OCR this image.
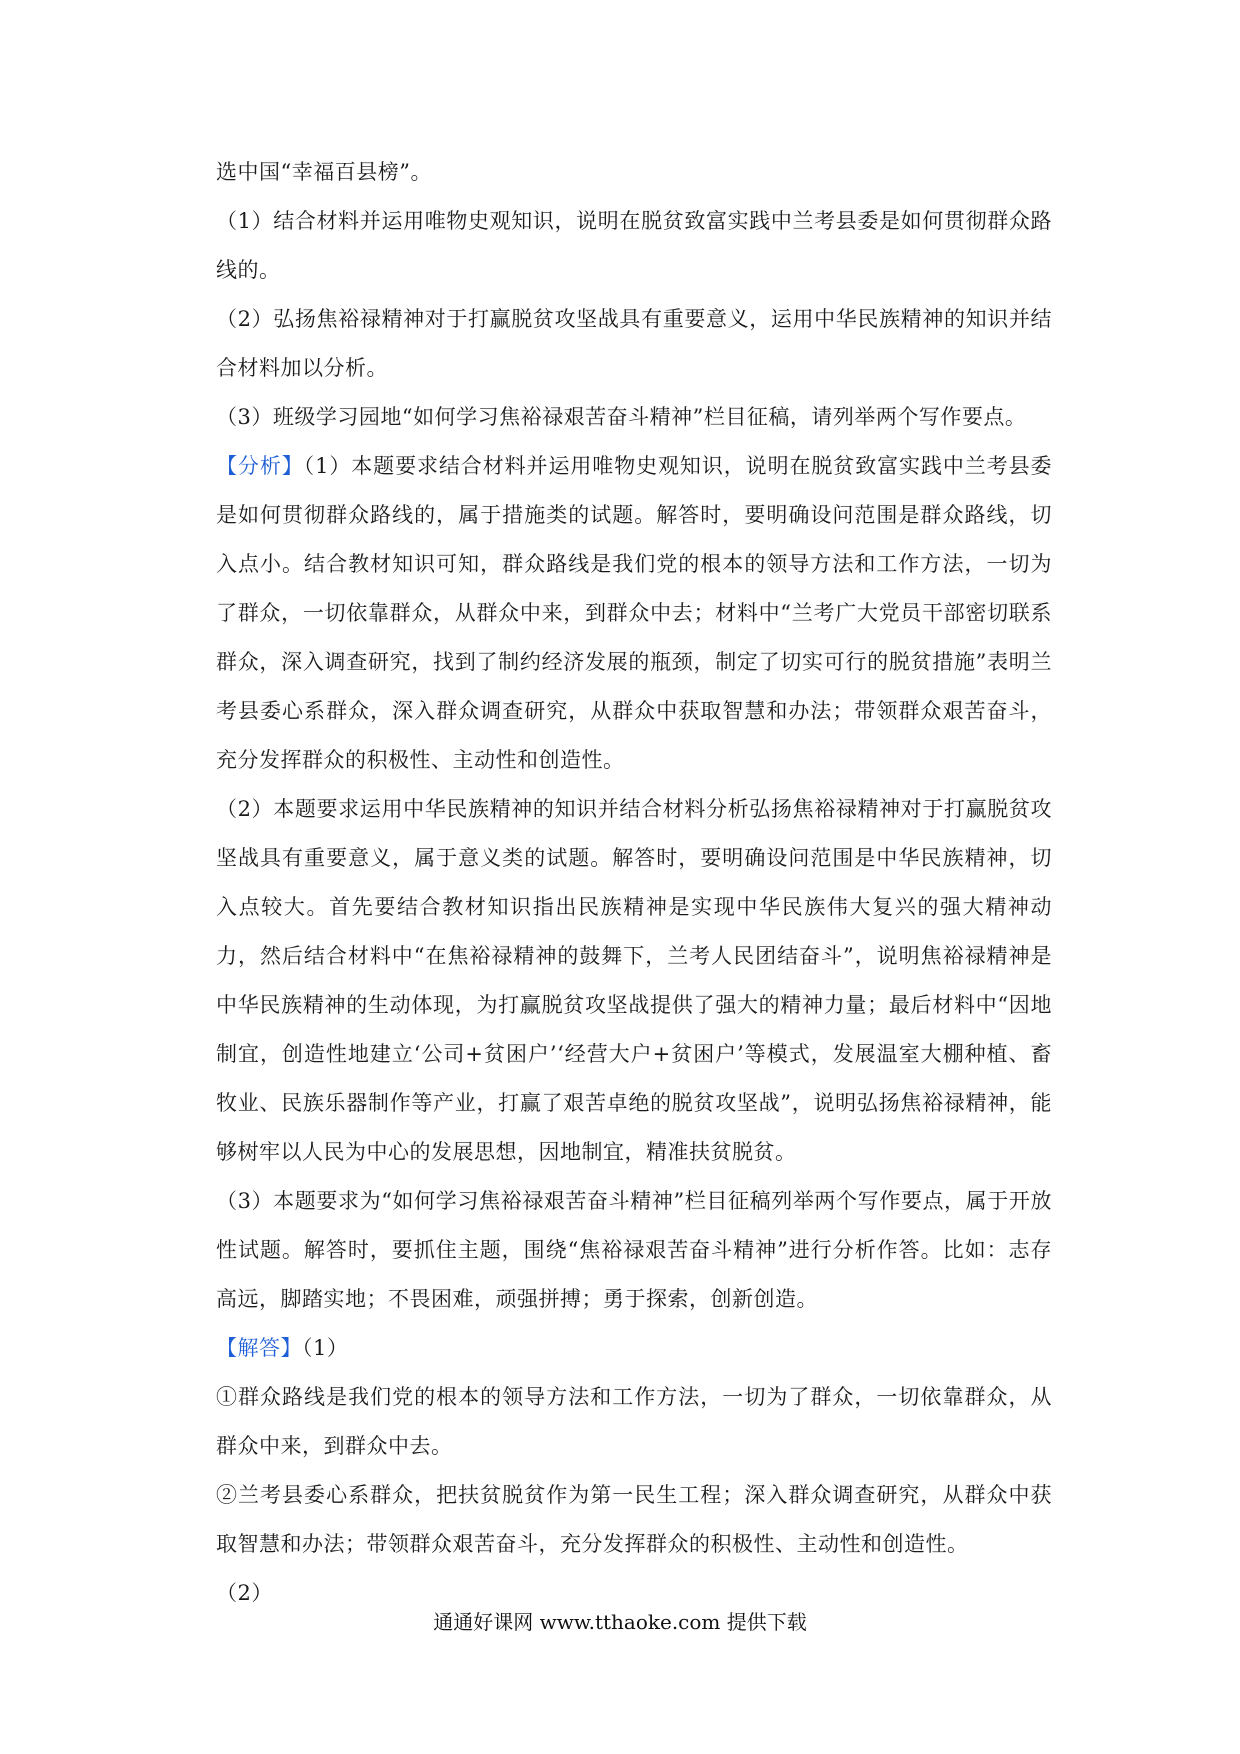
选中国“幸福百县榜”。

（1）结合材料并运用唯物史观知识，说明在脱贫致富实践中兰考县委是如何贯彻群众路线的。

（2）弘扬焦裕禄精神对于打赢脱贫攻坚战具有重要意义，运用中华民族精神的知识并结合材料加以分析。

（3）班级学习园地“如何学习焦裕禄艰苦奋斗精神”栏目征稿，请列举两个写作要点。

【分析】（1）本题要求结合材料并运用唯物史观知识，说明在脱贫致富实践中兰考县委是如何贯彻群众路线的，属于措施类的试题。解答时，要明确设问范围是群众路线，切入点小。结合教材知识可知，群众路线是我们党的根本的领导方法和工作方法，一切为了群众，一切依靠群众，从群众中来，到群众中去；材料中“兰考广大党员干部密切联系群众，深入调查研究，找到了制约经济发展的瓶颈，制定了切实可行的脱贫措施”表明兰考县委心系群众，深入群众调查研究，从群众中获取智慧和办法；带领群众艰苦奋斗，充分发挥群众的积极性、主动性和创造性。

（2）本题要求运用中华民族精神的知识并结合材料分析弘扬焦裕禄精神对于打赢脱贫攻坚战具有重要意义，属于意义类的试题。解答时，要明确设问范围是中华民族精神，切入点较大。首先要结合教材知识指出民族精神是实现中华民族伟大复兴的强大精神动力，然后结合材料中“在焦裕禄精神的鼓舞下，兰考人民团结奋斗”，说明焦裕禄精神是中华民族精神的生动体现，为打赢脱贫攻坚战提供了强大的精神力量；最后材料中“因地制宜，创造性地建立‘公司+贫困户’‘经营大户+贫困户’等模式，发展温室大棚种植、畜牧业、民族乐器制作等产业，打赢了艰苦卓绝的脱贫攻坚战”，说明弘扬焦裕禄精神，能够树牢以人民为中心的发展思想，因地制宜，精准扶贫脱贫。

（3）本题要求为“如何学习焦裕禄艰苦奋斗精神”栏目征稿列举两个写作要点，属于开放性试题。解答时，要抓住主题，围绕“焦裕禄艰苦奋斗精神”进行分析作答。比如：志存高远，脚踏实地；不畏困难，顽强拼搏；勇于探索，创新创造。

【解答】（1）

①群众路线是我们党的根本的领导方法和工作方法，一切为了群众，一切依靠群众，从群众中来，到群众中去。

②兰考县委心系群众，把扶贫脱贫作为第一民生工程；深入群众调查研究，从群众中获取智慧和办法；带领群众艰苦奋斗，充分发挥群众的积极性、主动性和创造性。

（2）

通通好课网 www.tthaoke.com 提供下载
